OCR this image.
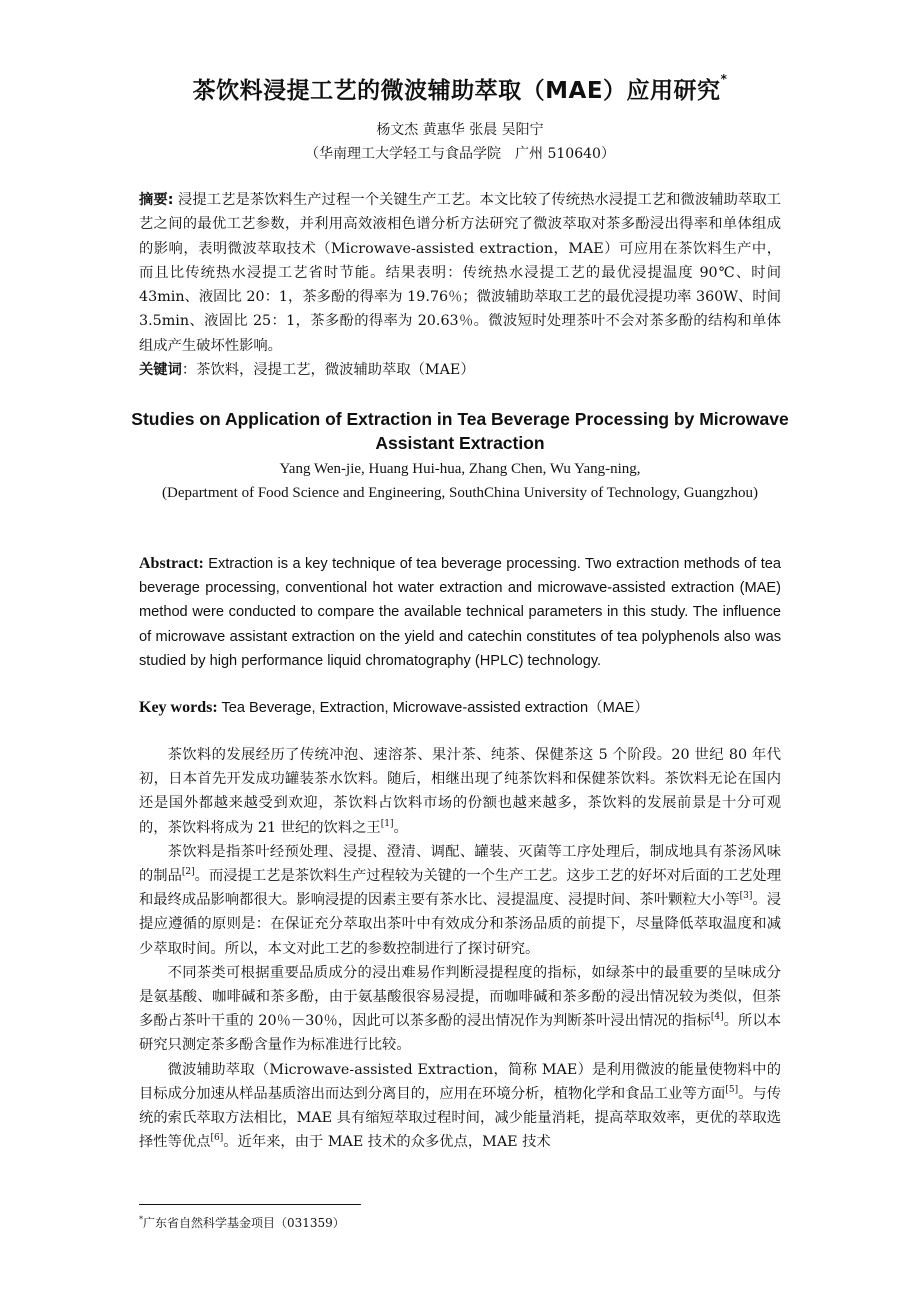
茶饮料浸提工艺的微波辅助萃取（MAE）应用研究*
杨文杰 黄惠华 张晨 吴阳宁
（华南理工大学轻工与食品学院　广州 510640）
摘要: 浸提工艺是茶饮料生产过程一个关键生产工艺。本文比较了传统热水浸提工艺和微波辅助萃取工艺之间的最优工艺参数，并利用高效液相色谱分析方法研究了微波萃取对茶多酚浸出得率和单体组成的影响，表明微波萃取技术（Microwave-assisted extraction，MAE）可应用在茶饮料生产中，而且比传统热水浸提工艺省时节能。结果表明：传统热水浸提工艺的最优浸提温度 90℃、时间 43min、液固比 20：1，茶多酚的得率为 19.76％；微波辅助萃取工艺的最优浸提功率 360W、时间 3.5min、液固比 25：1，茶多酚的得率为 20.63％。微波短时处理茶叶不会对茶多酚的结构和单体组成产生破坏性影响。
关键词：茶饮料，浸提工艺，微波辅助萃取（MAE）
Studies on Application of Extraction in Tea Beverage Processing by Microwave Assistant Extraction
Yang Wen-jie, Huang Hui-hua, Zhang Chen, Wu Yang-ning,
(Department of Food Science and Engineering, SouthChina University of Technology, Guangzhou)
Abstract: Extraction is a key technique of tea beverage processing. Two extraction methods of tea beverage processing, conventional hot water extraction and microwave-assisted extraction (MAE) method were conducted to compare the available technical parameters in this study. The influence of microwave assistant extraction on the yield and catechin constitutes of tea polyphenols also was studied by high performance liquid chromatography (HPLC) technology.
Key words: Tea Beverage, Extraction, Microwave-assisted extraction（MAE）

茶饮料的发展经历了传统冲泡、速溶茶、果汁茶、纯茶、保健茶这 5 个阶段。20 世纪 80 年代初，日本首先开发成功罐装茶水饮料。随后，相继出现了纯茶饮料和保健茶饮料。茶饮料无论在国内还是国外都越来越受到欢迎，茶饮料占饮料市场的份额也越来越多，茶饮料的发展前景是十分可观的，茶饮料将成为 21 世纪的饮料之王[1]。

茶饮料是指茶叶经预处理、浸提、澄清、调配、罐装、灭菌等工序处理后，制成地具有茶汤风味的制品[2]。而浸提工艺是茶饮料生产过程较为关键的一个生产工艺。这步工艺的好坏对后面的工艺处理和最终成品影响都很大。影响浸提的因素主要有茶水比、浸提温度、浸提时间、茶叶颗粒大小等[3]。浸提应遵循的原则是：在保证充分萃取出茶叶中有效成分和茶汤品质的前提下，尽量降低萃取温度和减少萃取时间。所以，本文对此工艺的参数控制进行了探讨研究。

不同茶类可根据重要品质成分的浸出难易作判断浸提程度的指标，如绿茶中的最重要的呈味成分是氨基酸、咖啡碱和茶多酚，由于氨基酸很容易浸提，而咖啡碱和茶多酚的浸出情况较为类似，但茶多酚占茶叶干重的 20％－30％，因此可以茶多酚的浸出情况作为判断茶叶浸出情况的指标[4]。所以本研究只测定茶多酚含量作为标准进行比较。

微波辅助萃取（Microwave-assisted Extraction，简称 MAE）是利用微波的能量使物料中的目标成分加速从样品基质溶出而达到分离目的，应用在环境分析，植物化学和食品工业等方面[5]。与传统的索氏萃取方法相比，MAE 具有缩短萃取过程时间，减少能量消耗，提高萃取效率，更优的萃取选择性等优点[6]。近年来，由于 MAE 技术的众多优点，MAE 技术

*广东省自然科学基金项目（031359）
